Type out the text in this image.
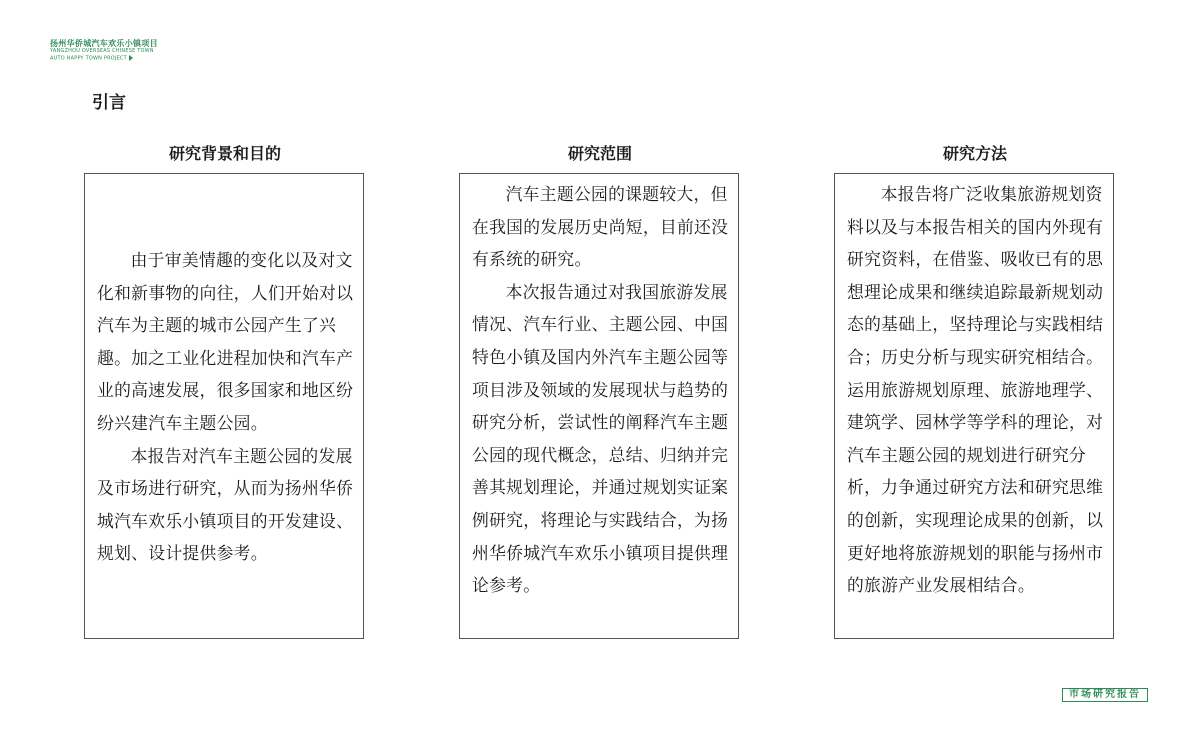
扬州华侨城汽车欢乐小镇项目
YANGZHOU OVERSEAS CHINESE TOWN
AUTO HAPPY TOWN PROJECT
引言
研究背景和目的

由于审美情趣的变化以及对文化和新事物的向往，人们开始对以汽车为主题的城市公园产生了兴趣。加之工业化进程加快和汽车产业的高速发展，很多国家和地区纷纷兴建汽车主题公园。

本报告对汽车主题公园的发展及市场进行研究，从而为扬州华侨城汽车欢乐小镇项目的开发建设、规划、设计提供参考。

研究范围

汽车主题公园的课题较大，但在我国的发展历史尚短，目前还没有系统的研究。

本次报告通过对我国旅游发展情况、汽车行业、主题公园、中国特色小镇及国内外汽车主题公园等项目涉及领域的发展现状与趋势的研究分析，尝试性的阐释汽车主题公园的现代概念，总结、归纳并完善其规划理论，并通过规划实证案例研究，将理论与实践结合，为扬州华侨城汽车欢乐小镇项目提供理论参考。

研究方法

本报告将广泛收集旅游规划资料以及与本报告相关的国内外现有研究资料，在借鉴、吸收已有的思想理论成果和继续追踪最新规划动态的基础上，坚持理论与实践相结合；历史分析与现实研究相结合。运用旅游规划原理、旅游地理学、建筑学、园林学等学科的理论，对汽车主题公园的规划进行研究分析，力争通过研究方法和研究思维的创新，实现理论成果的创新，以更好地将旅游规划的职能与扬州市的旅游产业发展相结合。

市场研究报告
